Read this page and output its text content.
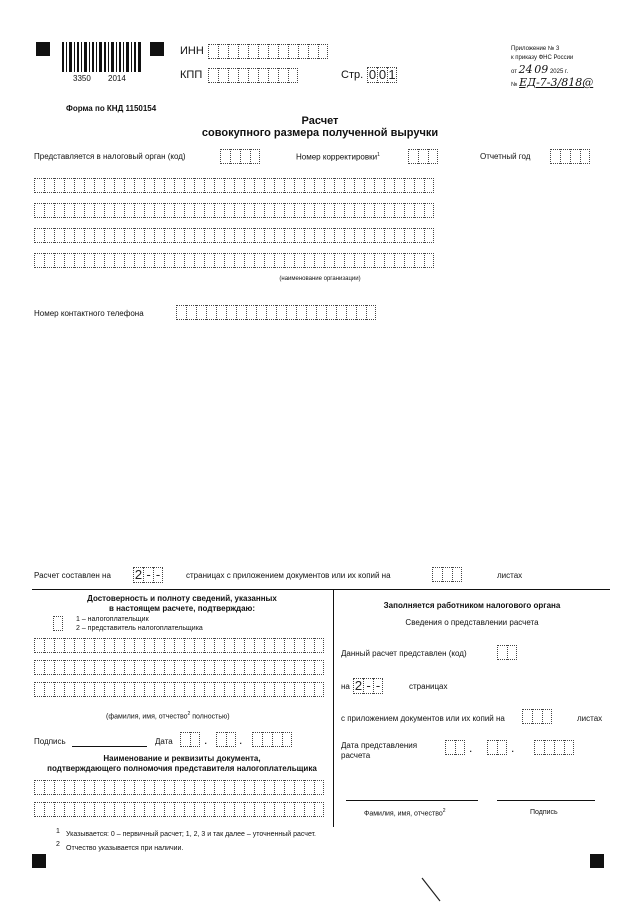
3350 2014
ИНН
КПП	Стр. 0 0 1
Приложение № 3
к приказу ФНС России
от 24 09 2025 г.
№ ЕД-7-3/818@
Форма по КНД 1150154
Расчет
совокупного размера полученной выручки
Представляется в налоговый орган (код)	Номер корректировки$^1$	Отчетный год
(наименование организации)
Номер контактного телефона
Расчет составлен на 2 - -	страницах с приложением документов или их копий на	листах
Достоверность и полноту сведений, указанных
в настоящем расчете, подтверждаю:
1 – налогоплательщик
2 – представитель налогоплательщика
(фамилия, имя, отчество$^2$ полностью)
Подпись	Дата	.	.
Наименование и реквизиты документа,
подтверждающего полномочия представителя налогоплательщика
Заполняется работником налогового органа
Сведения о представлении расчета
Данный расчет представлен (код)
на 2 - -	страницах
с приложением документов или их копий на	листах
Дата представления
расчета
.	.
Фамилия, имя, отчество$^2$	Подпись
1 Указывается: 0 – первичный расчет; 1, 2, 3 и так далее – уточненный расчет.
2
Отчество указывается при наличии.
